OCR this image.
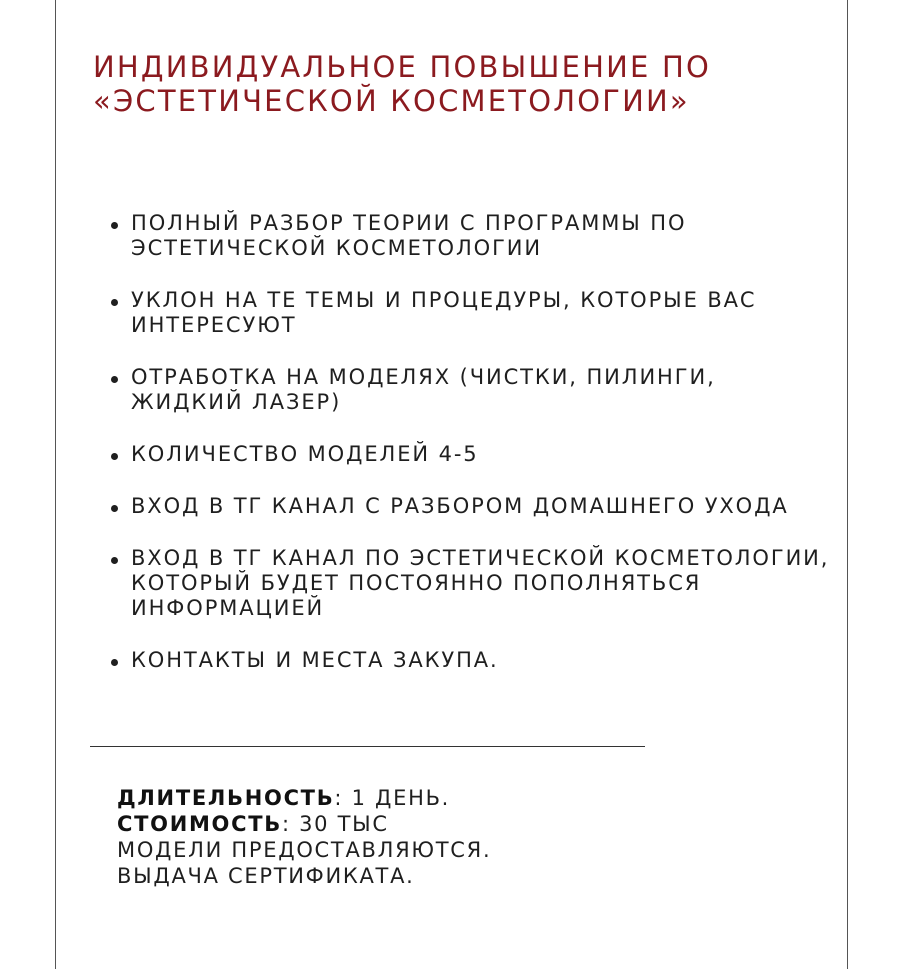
ИНДИВИДУАЛЬНОЕ ПОВЫШЕНИЕ ПО
«ЭСТЕТИЧЕСКОЙ КОСМЕТОЛОГИИ»
ПОЛНЫЙ РАЗБОР ТЕОРИИ С ПРОГРАММЫ ПО ЭСТЕТИЧЕСКОЙ КОСМЕТОЛОГИИ
УКЛОН НА ТЕ ТЕМЫ И ПРОЦЕДУРЫ, КОТОРЫЕ ВАС ИНТЕРЕСУЮТ
ОТРАБОТКА НА МОДЕЛЯХ (ЧИСТКИ, ПИЛИНГИ, ЖИДКИЙ ЛАЗЕР)
КОЛИЧЕСТВО МОДЕЛЕЙ 4-5
ВХОД В ТГ КАНАЛ С РАЗБОРОМ ДОМАШНЕГО УХОДА
ВХОД В ТГ КАНАЛ ПО ЭСТЕТИЧЕСКОЙ КОСМЕТОЛОГИИ, КОТОРЫЙ БУДЕТ ПОСТОЯННО ПОПОЛНЯТЬСЯ ИНФОРМАЦИЕЙ
КОНТАКТЫ И МЕСТА ЗАКУПА.
ДЛИТЕЛЬНОСТЬ: 1 ДЕНЬ.
СТОИМОСТЬ: 30 ТЫС
МОДЕЛИ ПРЕДОСТАВЛЯЮТСЯ.
ВЫДАЧА СЕРТИФИКАТА.
